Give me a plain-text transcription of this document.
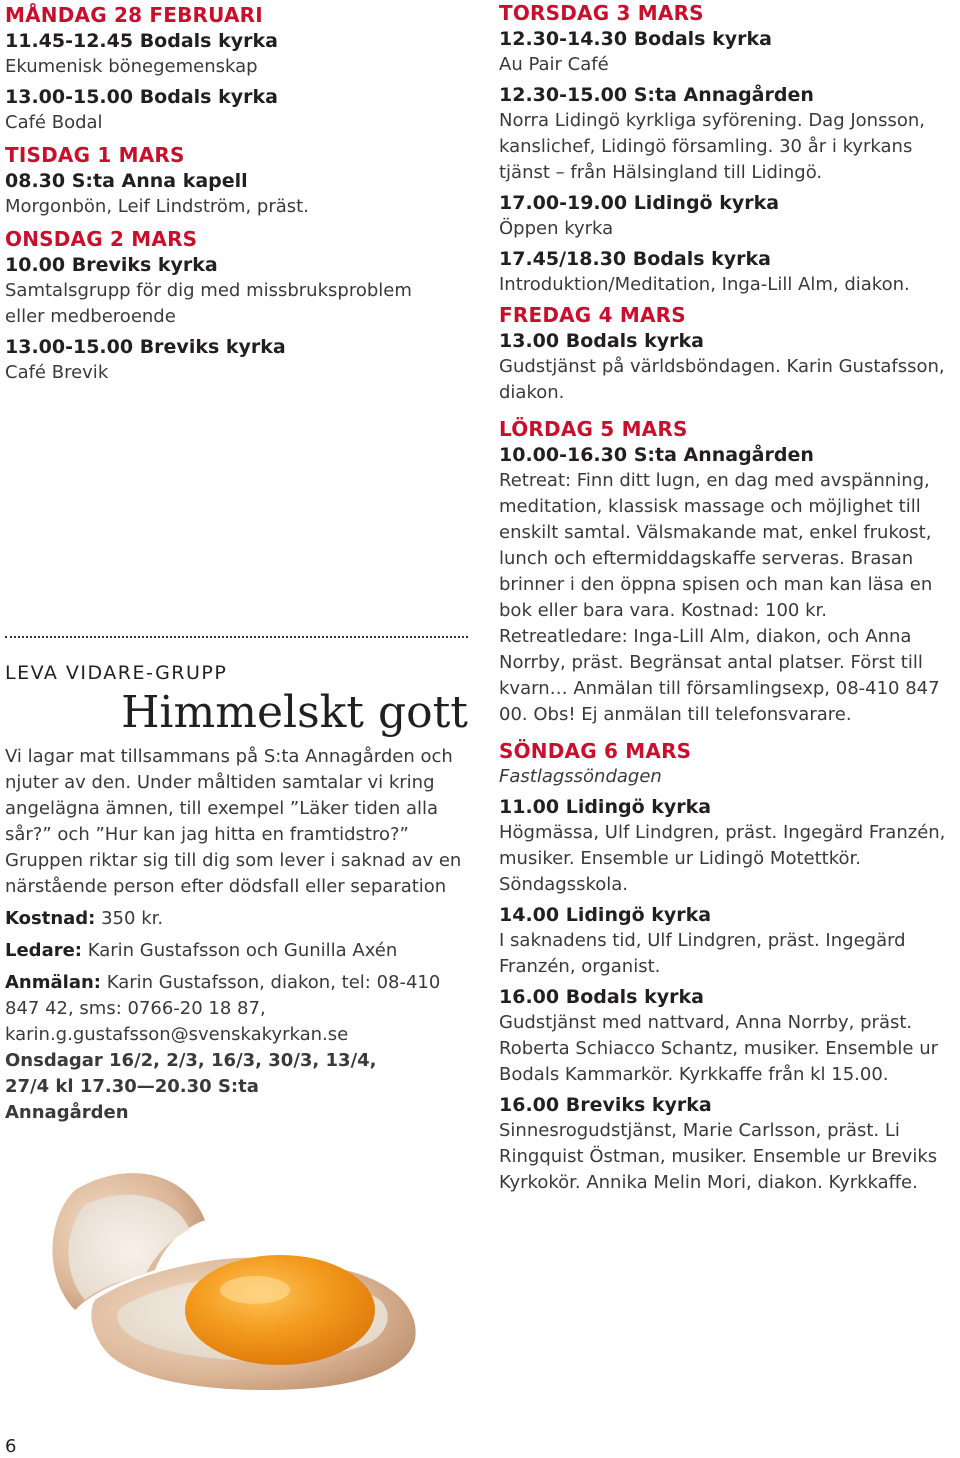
MÅNDAG 28 FEBRUARI

11.45-12.45 Bodals kyrka

Ekumenisk bönegemenskap

13.00-15.00 Bodals kyrka

Café Bodal

TISDAG 1 MARS

08.30 S:ta Anna kapell

Morgonbön, Leif Lindström, präst.

ONSDAG 2 MARS

10.00 Breviks kyrka

Samtalsgrupp för dig med missbruksproblem eller medberoende

13.00-15.00 Breviks kyrka

Café Brevik

LEVA VIDARE-GRUPP
Himmelskt gott

Vi lagar mat tillsammans på S:ta Annagården och njuter av den. Under måltiden samtalar vi kring angelägna ämnen, till exempel ”Läker tiden alla sår?” och ”Hur kan jag hitta en framtidstro?” Gruppen riktar sig till dig som lever i saknad av en närstående person efter dödsfall eller separation

Kostnad: 350 kr.

Ledare: Karin Gustafsson och Gunilla Axén

Anmälan: Karin Gustafsson, diakon, tel: 08-410 847 42, sms: 0766-20 18 87, karin.g.gustafsson@svenskakyrkan.se

Onsdagar 16/2, 2/3, 16/3, 30/3, 13/4, 27/4 kl 17.30—20.30 S:ta Annagården

TORSDAG 3 MARS

12.30-14.30 Bodals kyrka

Au Pair Café

12.30-15.00 S:ta Annagården

Norra Lidingö kyrkliga syförening. Dag Jonsson, kanslichef, Lidingö församling. 30 år i kyrkans tjänst – från Hälsingland till Lidingö.

17.00-19.00 Lidingö kyrka

Öppen kyrka

17.45/18.30 Bodals kyrka

Introduktion/Meditation, Inga-Lill Alm, diakon.

FREDAG 4 MARS

13.00 Bodals kyrka

Gudstjänst på världsböndagen. Karin Gustafsson, diakon.

LÖRDAG 5 MARS

10.00-16.30 S:ta Annagården

Retreat: Finn ditt lugn, en dag med avspänning, meditation, klassisk massage och möjlighet till enskilt samtal. Välsmakande mat, enkel frukost, lunch och eftermiddagskaffe serveras. Brasan brinner i den öppna spisen och man kan läsa en bok eller bara vara. Kostnad: 100 kr. Retreatledare: Inga-Lill Alm, diakon, och Anna Norrby, präst. Begränsat antal platser. Först till kvarn… Anmälan till församlingsexp, 08-410 847 00. Obs! Ej anmälan till telefonsvarare.

SÖNDAG 6 MARS

Fastlagssöndagen

11.00 Lidingö kyrka

Högmässa, Ulf Lindgren, präst. Ingegärd Franzén, musiker. Ensemble ur Lidingö Motettkör. Söndagsskola.

14.00 Lidingö kyrka

I saknadens tid, Ulf Lindgren, präst. Ingegärd Franzén, organist.

16.00 Bodals kyrka

Gudstjänst med nattvard, Anna Norrby, präst. Roberta Schiacco Schantz, musiker. Ensemble ur Bodals Kammarkör. Kyrkkaffe från kl 15.00.

16.00 Breviks kyrka

Sinnesrogudstjänst, Marie Carlsson, präst. Li Ringquist Östman, musiker. Ensemble ur Breviks Kyrkokör. Annika Melin Mori, diakon. Kyrkkaffe.

6
